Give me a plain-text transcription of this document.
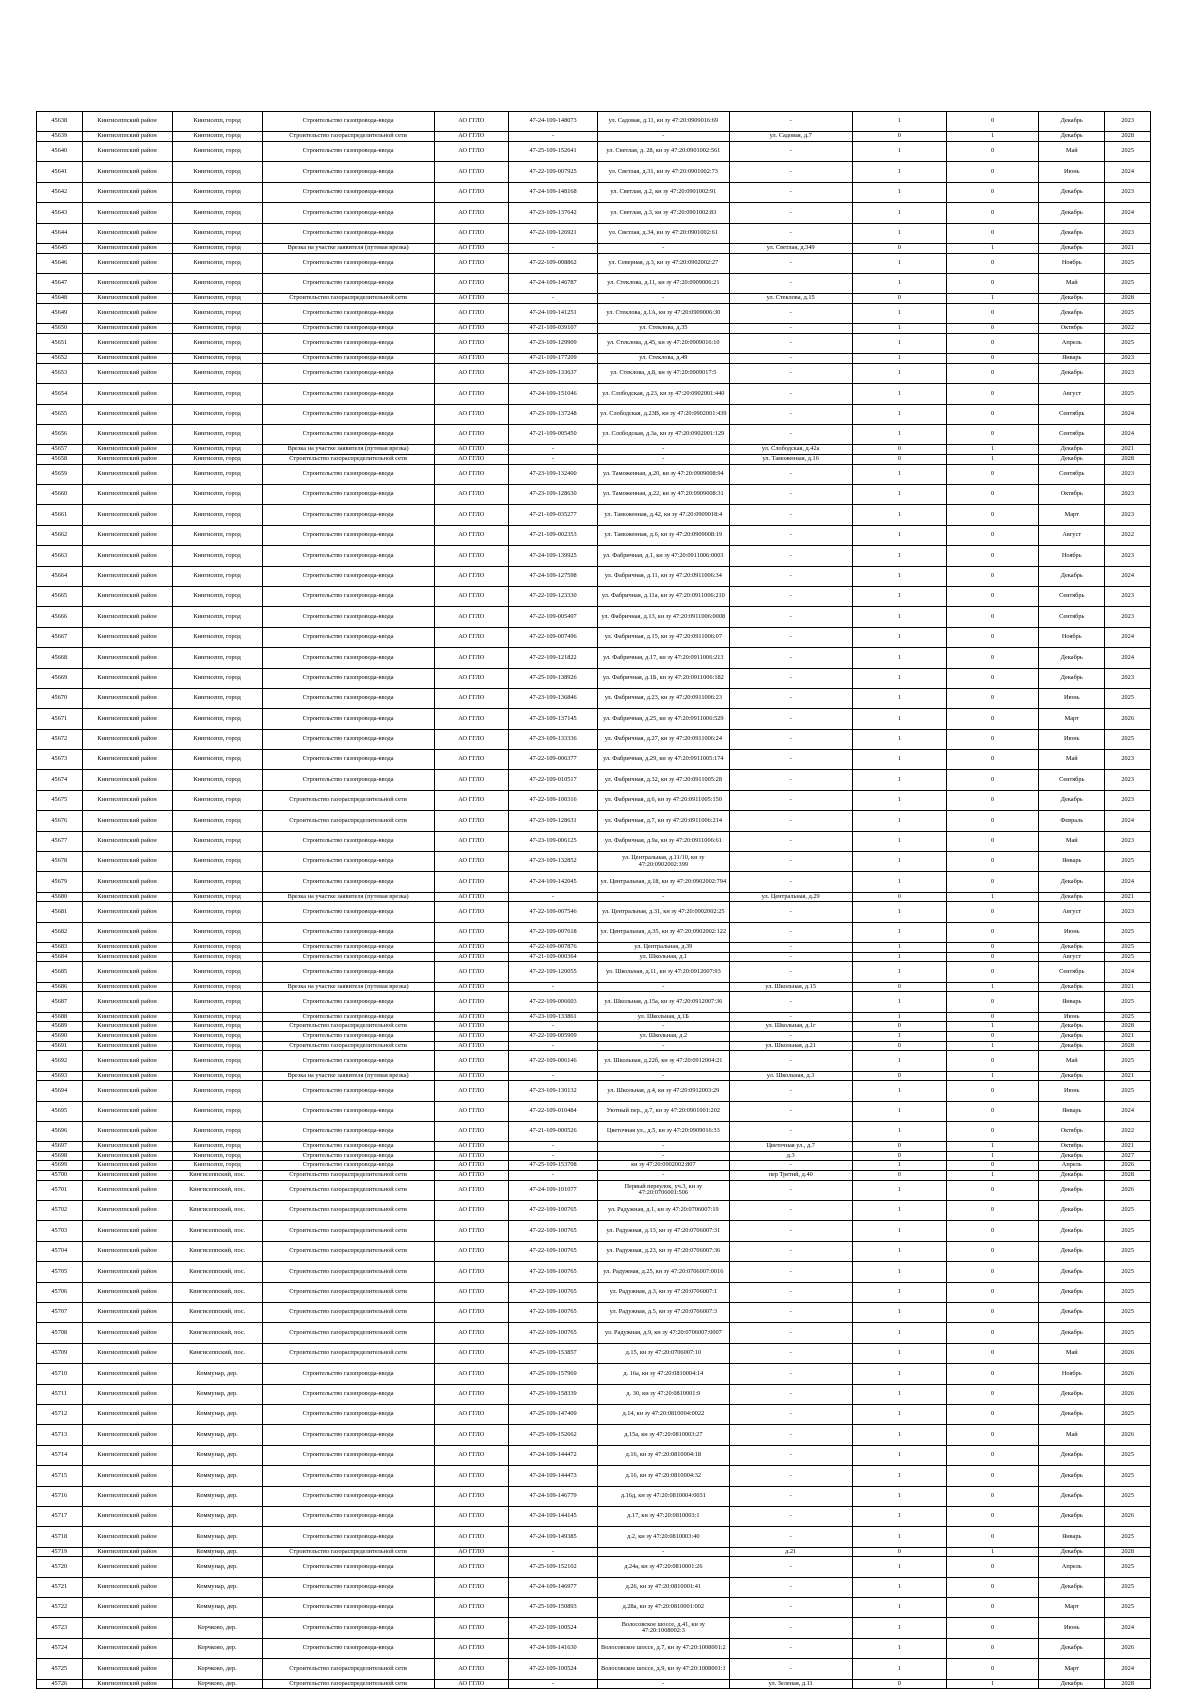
45638	Кингисеппский район	Кингисепп, город	Строительство газопровода-ввода	АО ГГЛО	47-24-109-148073	ул. Садовая, д.11, кн зу 47:20:0909016:69	-	1	0	Декабрь	2023
45639	Кингисеппский район	Кингисепп, город	Строительство газораспределительной сети	АО ГГЛО	-	-	ул. Садовая, д.7	0	1	Декабрь	2028
45640	Кингисеппский район	Кингисепп, город	Строительство газопровода-ввода	АО ГГЛО	47-25-109-152641	ул. Светлая, д. 28, кн зу 47:20:0901002:561	-	1	0	Май	2025
45641	Кингисеппский район	Кингисепп, город	Строительство газопровода-ввода	АО ГГЛО	47-22-109-007925	ул. Светлая, д.31, кн зу 47:20:0901002:73	-	1	0	Июнь	2024
45642	Кингисеппский район	Кингисепп, город	Строительство газопровода-ввода	АО ГГЛО	47-24-109-148168	ул. Светлая, д.2, кн зу 47:20:0901002:91	-	1	0	Декабрь	2023
45643	Кингисеппский район	Кингисепп, город	Строительство газопровода-ввода	АО ГГЛО	47-23-109-137642	ул. Светлая, д.3, кн зу 47:20:0901002:83	-	1	0	Декабрь	2024
45644	Кингисеппский район	Кингисепп, город	Строительство газопровода-ввода	АО ГГЛО	47-22-109-126921	ул. Светлая, д.34, кн зу 47:20:0901002:61	-	1	0	Декабрь	2023
45645	Кингисеппский район	Кингисепп, город	Врезка на участке заявителя (путевая врезка)	АО ГГЛО	-	-	ул. Светлая, д.349	0	1	Декабрь	2021
45646	Кингисеппский район	Кингисепп, город	Строительство газопровода-ввода	АО ГГЛО	47-22-109-008862	ул. Северная, д.3, кн зу 47:20:0902002:27	-	1	0	Ноябрь	2025
45647	Кингисеппский район	Кингисепп, город	Строительство газопровода-ввода	АО ГГЛО	47-24-109-146787	ул. Стеклова, д.11, кн зу 47:20:0909006:21	-	1	0	Май	2025
45648	Кингисеппский район	Кингисепп, город	Строительство газораспределительной сети	АО ГГЛО	-	-	ул. Стеклова, д.15	0	1	Декабрь	2028
45649	Кингисеппский район	Кингисепп, город	Строительство газопровода-ввода	АО ГГЛО	47-24-109-141251	ул. Стеклова, д.1А, кн зу 47:20:0909006:30	-	1	0	Декабрь	2025
45650	Кингисеппский район	Кингисепп, город	Строительство газопровода-ввода	АО ГГЛО	47-21-109-039107	ул. Стеклова, д.35	-	1	0	Октябрь	2022
45651	Кингисеппский район	Кингисепп, город	Строительство газопровода-ввода	АО ГГЛО	47-23-109-129909	ул. Стеклова, д.45, кн зу 47:20:0909016:10	-	1	0	Апрель	2025
45652	Кингисеппский район	Кингисепп, город	Строительство газопровода-ввода	АО ГГЛО	47-21-109-177209	ул. Стеклова, д.49	-	1	0	Январь	2023
45653	Кингисеппский район	Кингисепп, город	Строительство газопровода-ввода	АО ГГЛО	47-23-109-133637	ул. Стеклова, д.8, кн зу 47:20:0909017:5	-	1	0	Декабрь	2023
45654	Кингисеппский район	Кингисепп, город	Строительство газопровода-ввода	АО ГГЛО	47-24-109-151046	ул. Слободская, д.23, кн зу 47:20:0902001:440	-	1	0	Август	2025
45655	Кингисеппский район	Кингисепп, город	Строительство газопровода-ввода	АО ГГЛО	47-23-109-137248	ул. Слободская, д.23В, кн зу 47:20:0902001:439	-	1	0	Сентябрь	2024
45656	Кингисеппский район	Кингисепп, город	Строительство газопровода-ввода	АО ГГЛО	47-21-109-005450	ул. Слободская, д.3а, кн зу 47:20:0902001:129	-	1	0	Сентябрь	2024
45657	Кингисеппский район	Кингисепп, город	Врезка на участке заявителя (путевая врезка)	АО ГГЛО	-	-	ул. Слободская, д.42а	0	1	Декабрь	2021
45658	Кингисеппский район	Кингисепп, город	Строительство газораспределительной сети	АО ГГЛО	-	-	ул. Таможенная, д.16	0	1	Декабрь	2028
45659	Кингисеппский район	Кингисепп, город	Строительство газопровода-ввода	АО ГГЛО	47-23-109-132400	ул. Таможенная, д.20, кн зу 47:20:0909008:94	-	1	0	Сентябрь	2023
45660	Кингисеппский район	Кингисепп, город	Строительство газопровода-ввода	АО ГГЛО	47-23-109-128630	ул. Таможенная, д.22, кн зу 47:20:0909008:31	-	1	0	Октябрь	2023
45661	Кингисеппский район	Кингисепп, город	Строительство газопровода-ввода	АО ГГЛО	47-21-109-035277	ул. Таможенная, д.42, кн зу 47:20:0909018:4	-	1	0	Март	2023
45662	Кингисеппский район	Кингисепп, город	Строительство газопровода-ввода	АО ГГЛО	47-21-109-002353	ул. Таможенная, д.6, кн зу 47:20:0909008:19	-	1	0	Август	2022
45663	Кингисеппский район	Кингисепп, город	Строительство газопровода-ввода	АО ГГЛО	47-24-109-139925	ул. Фабричная, д.1, кн зу 47:20:0911006:0003	-	1	0	Ноябрь	2023
45664	Кингисеппский район	Кингисепп, город	Строительство газопровода-ввода	АО ГГЛО	47-24-109-127598	ул. Фабричная, д.11, кн зу 47:20:0911006:34	-	1	0	Декабрь	2024
45665	Кингисеппский район	Кингисепп, город	Строительство газопровода-ввода	АО ГГЛО	47-22-109-123330	ул. Фабричная, д.11а, кн зу 47:20:0911006:210	-	1	0	Сентябрь	2023
45666	Кингисеппский район	Кингисепп, город	Строительство газопровода-ввода	АО ГГЛО	47-22-109-005497	ул. Фабричная, д.13, кн зу 47:20:0911006:0008	-	1	0	Сентябрь	2023
45667	Кингисеппский район	Кингисепп, город	Строительство газопровода-ввода	АО ГГЛО	47-22-109-007496	ул. Фабричная, д.15, кн зу 47:20:0911006:07	-	1	0	Ноябрь	2024
45668	Кингисеппский район	Кингисепп, город	Строительство газопровода-ввода	АО ГГЛО	47-22-109-121822	ул. Фабричная, д.17, кн зу 47:20:0911006:213	-	1	0	Декабрь	2024
45669	Кингисеппский район	Кингисепп, город	Строительство газопровода-ввода	АО ГГЛО	47-25-109-138926	ул. Фабричная, д.1Б, кн зу 47:20:0911006:182	-	1	0	Декабрь	2023
45670	Кингисеппский район	Кингисепп, город	Строительство газопровода-ввода	АО ГГЛО	47-23-109-136846	ул. Фабричная, д.23, кн зу 47:20:0911006:23	-	1	0	Июнь	2025
45671	Кингисеппский район	Кингисепп, город	Строительство газопровода-ввода	АО ГГЛО	47-23-109-137145	ул. Фабричная, д.25, кн зу 47:20:0911006:529	-	1	0	Март	2026
45672	Кингисеппский район	Кингисепп, город	Строительство газопровода-ввода	АО ГГЛО	47-23-109-133336	ул. Фабричная, д.27, кн зу 47:20:0911006:24	-	1	0	Июнь	2025
45673	Кингисеппский район	Кингисепп, город	Строительство газопровода-ввода	АО ГГЛО	47-22-109-006377	ул. Фабричная, д.29, кн зу 47:20:0911005:174	-	1	0	Май	2023
45674	Кингисеппский район	Кингисепп, город	Строительство газопровода-ввода	АО ГГЛО	47-22-109-010517	ул. Фабричная, д.32, кн зу 47:20:0911005:28	-	1	0	Сентябрь	2023
45675	Кингисеппский район	Кингисепп, город	Строительство газораспределительной сети	АО ГГЛО	47-22-109-100316	ул. Фабричная, д.6, кн зу 47:20:0911005:150	-	1	0	Декабрь	2023
45676	Кингисеппский район	Кингисепп, город	Строительство газораспределительной сети	АО ГГЛО	47-23-109-128631	ул. Фабричная, д.7, кн зу 47:20:0911006:214	-	1	0	Февраль	2024
45677	Кингисеппский район	Кингисепп, город	Строительство газопровода-ввода	АО ГГЛО	47-23-109-006125	ул. Фабричная, д.9а, кн зу 47:20:0911006:61	-	1	0	Май	2023
45678	Кингисеппский район	Кингисепп, город	Строительство газопровода-ввода	АО ГГЛО	47-23-109-132852	ул. Центральная, д.11/10, кн зу 47:20:0902002:399	-	1	0	Январь	2025
45679	Кингисеппский район	Кингисепп, город	Строительство газопровода-ввода	АО ГГЛО	47-24-109-142045	ул. Центральная, д.18, кн зу 47:20:0902002:794	-	1	0	Декабрь	2024
45680	Кингисеппский район	Кингисепп, город	Врезка на участке заявителя (путевая врезка)	АО ГГЛО	-	-	ул. Центральная, д.29	0	1	Декабрь	2021
45681	Кингисеппский район	Кингисепп, город	Строительство газопровода-ввода	АО ГГЛО	47-22-109-007546	ул. Центральная, д.31, кн зу 47:20:0902002:25	-	1	0	Август	2023
45682	Кингисеппский район	Кингисепп, город	Строительство газопровода-ввода	АО ГГЛО	47-22-109-007618	ул. Центральная, д.35, кн зу 47:20:0902002:122	-	1	0	Июнь	2025
45683	Кингисеппский район	Кингисепп, город	Строительство газопровода-ввода	АО ГГЛО	47-22-109-007876	ул. Центральная, д.39	-	1	0	Декабрь	2025
45684	Кингисеппский район	Кингисепп, город	Строительство газопровода-ввода	АО ГГЛО	47-21-109-000364	ул. Школьная, д.1	-	1	0	Август	2025
45685	Кингисеппский район	Кингисепп, город	Строительство газопровода-ввода	АО ГГЛО	47-22-109-120055	ул. Школьная, д.11, кн зу 47:20:0912007:93	-	1	0	Сентябрь	2024
45686	Кингисеппский район	Кингисепп, город	Врезка на участке заявителя (путевая врезка)	АО ГГЛО	-	-	ул. Школьная, д.15	0	1	Декабрь	2021
45687	Кингисеппский район	Кингисепп, город	Строительство газопровода-ввода	АО ГГЛО	47-22-109-006603	ул. Школьная, д.15а, кн зу 47:20:0912007:36	-	1	0	Январь	2025
45688	Кингисеппский район	Кингисепп, город	Строительство газопровода-ввода	АО ГГЛО	47-23-109-133861	ул. Школьная, д.1Б	-	1	0	Июнь	2025
45689	Кингисеппский район	Кингисепп, город	Строительство газораспределительной сети	АО ГГЛО	-	-	ул. Школьная, д.1г	0	1	Декабрь	2028
45690	Кингисеппский район	Кингисепп, город	Строительство газопровода-ввода	АО ГГЛО	47-22-109-005909	ул. Школьная, д.2	-	1	0	Декабрь	2021
45691	Кингисеппский район	Кингисепп, город	Строительство газораспределительной сети	АО ГГЛО	-	-	ул. Школьная, д.21	0	1	Декабрь	2028
45692	Кингисеппский район	Кингисепп, город	Строительство газопровода-ввода	АО ГГЛО	47-22-109-006146	ул. Школьная, д.22б, кн зу 47:20:0912004:21	-	1	0	Май	2025
45693	Кингисеппский район	Кингисепп, город	Врезка на участке заявителя (путевая врезка)	АО ГГЛО	-	-	ул. Школьная, д.3	0	1	Декабрь	2021
45694	Кингисеппский район	Кингисепп, город	Строительство газопровода-ввода	АО ГГЛО	47-23-109-130132	ул. Школьная, д.4, кн зу 47:20:0912003:29	-	1	0	Июнь	2025
45695	Кингисеппский район	Кингисепп, город	Строительство газопровода-ввода	АО ГГЛО	47-22-109-010484	Уютный пер., д.7, кн зу 47:20:0901001:202	-	1	0	Январь	2024
45696	Кингисеппский район	Кингисепп, город	Строительство газопровода-ввода	АО ГГЛО	47-21-109-000526	Цветочная ул., д.5, кн зу 47:20:0909016:33	-	1	0	Октябрь	2022
45697	Кингисеппский район	Кингисепп, город	Строительство газопровода-ввода	АО ГГЛО	-	-	Цветочная ул., д.7	0	1	Октябрь	2021
45698	Кингисеппский район	Кингисепп, город	Строительство газопровода-ввода	АО ГГЛО	-	-	д.3	0	1	Декабрь	2027
45699	Кингисеппский район	Кингисепп, город	Строительство газопровода-ввода	АО ГГЛО	47-25-109-153708	кн зу 47:20:0902002:807	-	1	0	Апрель	2026
45700	Кингисеппский район	Кингисеппский, пос.	Строительство газораспределительной сети	АО ГГЛО	-	-	пер Третий, д.40	0	1	Декабрь	2028
45701	Кингисеппский район	Кингисеппский, пос.	Строительство газораспределительной сети	АО ГГЛО	47-24-109-101077	Первый переулок, уч.3, кн зу 47:20:0706001:506	-	1	0	Декабрь	2026
45702	Кингисеппский район	Кингисеппский, пос.	Строительство газораспределительной сети	АО ГГЛО	47-22-109-100765	ул. Радужная, д.1, кн зу 47:20:0706007:19	-	1	0	Декабрь	2025
45703	Кингисеппский район	Кингисеппский, пос.	Строительство газораспределительной сети	АО ГГЛО	47-22-109-100765	ул. Радужная, д.13, кн зу 47:20:0706007:31	-	1	0	Декабрь	2025
45704	Кингисеппский район	Кингисеппский, пос.	Строительство газораспределительной сети	АО ГГЛО	47-22-109-100765	ул. Радужная, д.23, кн зу 47:20:0706007:36	-	1	0	Декабрь	2025
45705	Кингисеппский район	Кингисеппский, пос.	Строительство газораспределительной сети	АО ГГЛО	47-22-109-100765	ул. Радужная, д.25, кн зу 47:20:0706007:0016	-	1	0	Декабрь	2025
45706	Кингисеппский район	Кингисеппский, пос.	Строительство газораспределительной сети	АО ГГЛО	47-22-109-100765	ул. Радужная, д.3, кн зу 47:20:0706007:1	-	1	0	Декабрь	2025
45707	Кингисеппский район	Кингисеппский, пос.	Строительство газораспределительной сети	АО ГГЛО	47-22-109-100765	ул. Радужная, д.5, кн зу 47:20:0706007:3	-	1	0	Декабрь	2025
45708	Кингисеппский район	Кингисеппский, пос.	Строительство газораспределительной сети	АО ГГЛО	47-22-109-100765	ул. Радужная, д.9, кн зу 47:20:0706007:0007	-	1	0	Декабрь	2025
45709	Кингисеппский район	Кингисеппский, пос.	Строительство газораспределительной сети	АО ГГЛО	47-25-109-153857	д.15, кн зу 47:20:0706007:10	-	1	0	Май	2026
45710	Кингисеппский район	Коммунар, дер.	Строительство газопровода-ввода	АО ГГЛО	47-25-109-157969	д. 16а, кн зу 47:20:0810004:14	-	1	0	Ноябрь	2026
45711	Кингисеппский район	Коммунар, дер.	Строительство газопровода-ввода	АО ГГЛО	47-25-109-158339	д. 30, кн зу 47:20:0810001:9	-	1	0	Декабрь	2026
45712	Кингисеппский район	Коммунар, дер.	Строительство газопровода-ввода	АО ГГЛО	47-25-109-147409	д.14, кн зу 47:20:0810004:0022	-	1	0	Декабрь	2025
45713	Кингисеппский район	Коммунар, дер.	Строительство газопровода-ввода	АО ГГЛО	47-25-109-152662	д.15а, кн зу 47:20:0810003:27	-	1	0	Май	2026
45714	Кингисеппский район	Коммунар, дер.	Строительство газопровода-ввода	АО ГГЛО	47-24-109-144472	д.16, кн зу 47:20:0810004:18	-	1	0	Декабрь	2025
45715	Кингисеппский район	Коммунар, дер.	Строительство газопровода-ввода	АО ГГЛО	47-24-109-144473	д.16, кн зу 47:20:0810004:32	-	1	0	Декабрь	2025
45716	Кингисеппский район	Коммунар, дер.	Строительство газопровода-ввода	АО ГГЛО	47-24-109-146779	д.16д, кн зу 47:20:0810004:0031	-	1	0	Декабрь	2025
45717	Кингисеппский район	Коммунар, дер.	Строительство газопровода-ввода	АО ГГЛО	47-24-109-144145	д.17, кн зу 47:20:0810003:1	-	1	0	Декабрь	2026
45718	Кингисеппский район	Коммунар, дер.	Строительство газопровода-ввода	АО ГГЛО	47-24-109-149385	д.2, кн зу 47:20:0810003:40	-	1	0	Январь	2025
45719	Кингисеппский район	Коммунар, дер.	Строительство газораспределительной сети	АО ГГЛО	-	-	д.21	0	1	Декабрь	2028
45720	Кингисеппский район	Коммунар, дер.	Строительство газопровода-ввода	АО ГГЛО	47-25-109-152102	д.24а, кн зу 47:20:0810001:26	-	1	0	Апрель	2025
45721	Кингисеппский район	Коммунар, дер.	Строительство газопровода-ввода	АО ГГЛО	47-24-109-146977	д.26, кн зу 47:20:0810001:41	-	1	0	Декабрь	2025
45722	Кингисеппский район	Коммунар, дер.	Строительство газопровода-ввода	АО ГГЛО	47-25-109-150893	д.28а, кн зу 47:20:0810001:002	-	1	0	Март	2025
45723	Кингисеппский район	Корчково, дер.	Строительство газопровода-ввода	АО ГГЛО	47-22-109-100524	Волосовское шоссе, д.41, кн зу 47:20:1008002:3	-	1	0	Июнь	2024
45724	Кингисеппский район	Корчково, дер.	Строительство газопровода-ввода	АО ГГЛО	47-24-109-141630	Волосовское шоссе, д.7, кн зу 47:20:1008001:2	-	1	0	Декабрь	2026
45725	Кингисеппский район	Корчково, дер.	Строительство газораспределительной сети	АО ГГЛО	47-22-109-100524	Волосовское шоссе, д.9, кн зу 47:20:1008001:1	-	1	0	Март	2024
45726	Кингисеппский район	Корчково, дер.	Строительство газораспределительной сети	АО ГГЛО	-	-	ул. Зеленая, д.11	0	1	Декабрь	2028
